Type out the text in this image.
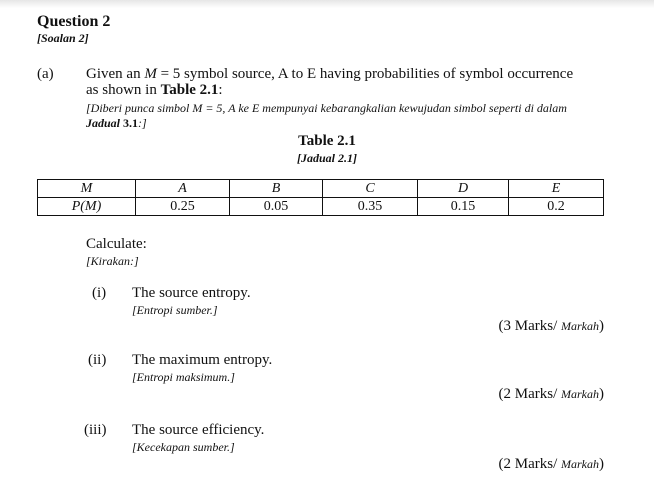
Question 2
[Soalan 2]
(a) Given an M = 5 symbol source, A to E having probabilities of symbol occurrence
as shown in Table 2.1:
[Diberi punca simbol M = 5, A ke E mempunyai kebarangkalian kewujudan simbol seperti di dalam
Jadual 3.1:]
Table 2.1
[Jadual 2.1]
M	A	B	C	D	E
P(M)	0.25	0.05	0.35	0.15	0.2
Calculate:
[Kirakan:]
(i) The source entropy.
[Entropi sumber.]
(3 Marks/ Markah)
(ii) The maximum entropy.
[Entropi maksimum.]
(2 Marks/ Markah)
(iii) The source efficiency.
[Kecekapan sumber.]
(2 Marks/ Markah)
